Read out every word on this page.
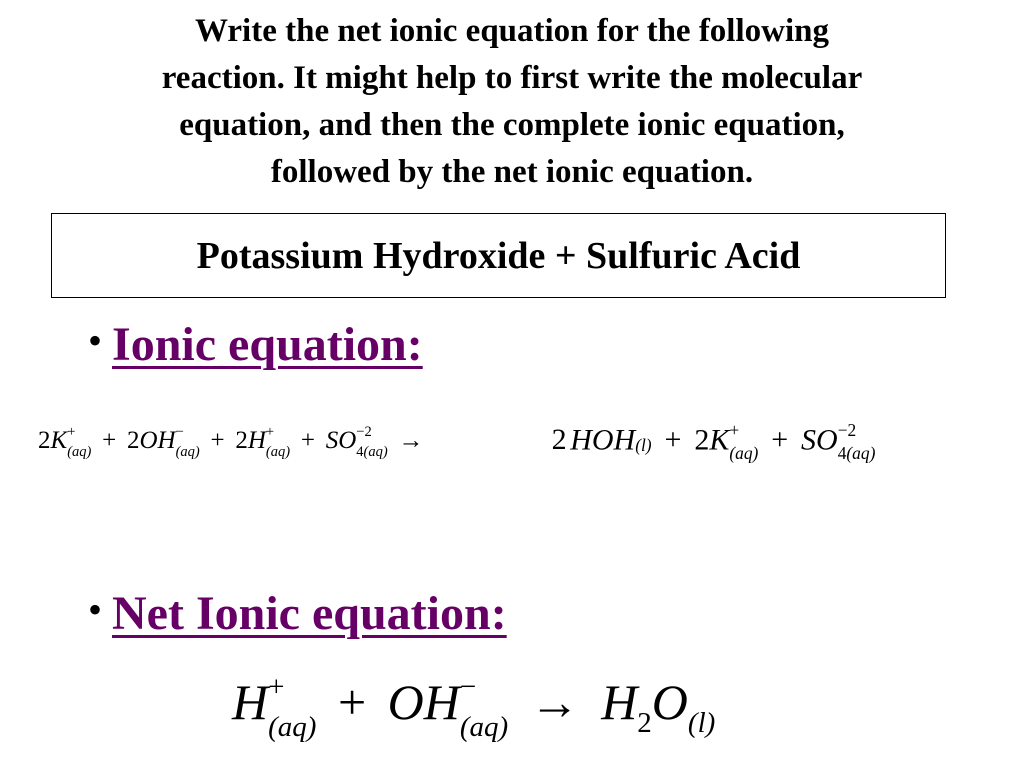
Write the net ionic equation for the following
reaction. It might help to first write the molecular
equation, and then the complete ionic equation,
followed by the net ionic equation.
Potassium Hydroxide + Sulfuric Acid
• Ionic equation:
2K +
(aq) + 2OH −
(aq) + 2H +
(aq) + SO −2
4(aq) →	2 HOH (l) + 2K +
(aq) + SO −2
4(aq)
• Net Ionic equation:
H +
(aq) + OH −
$(aq) \to H_2O_{(l)}$
